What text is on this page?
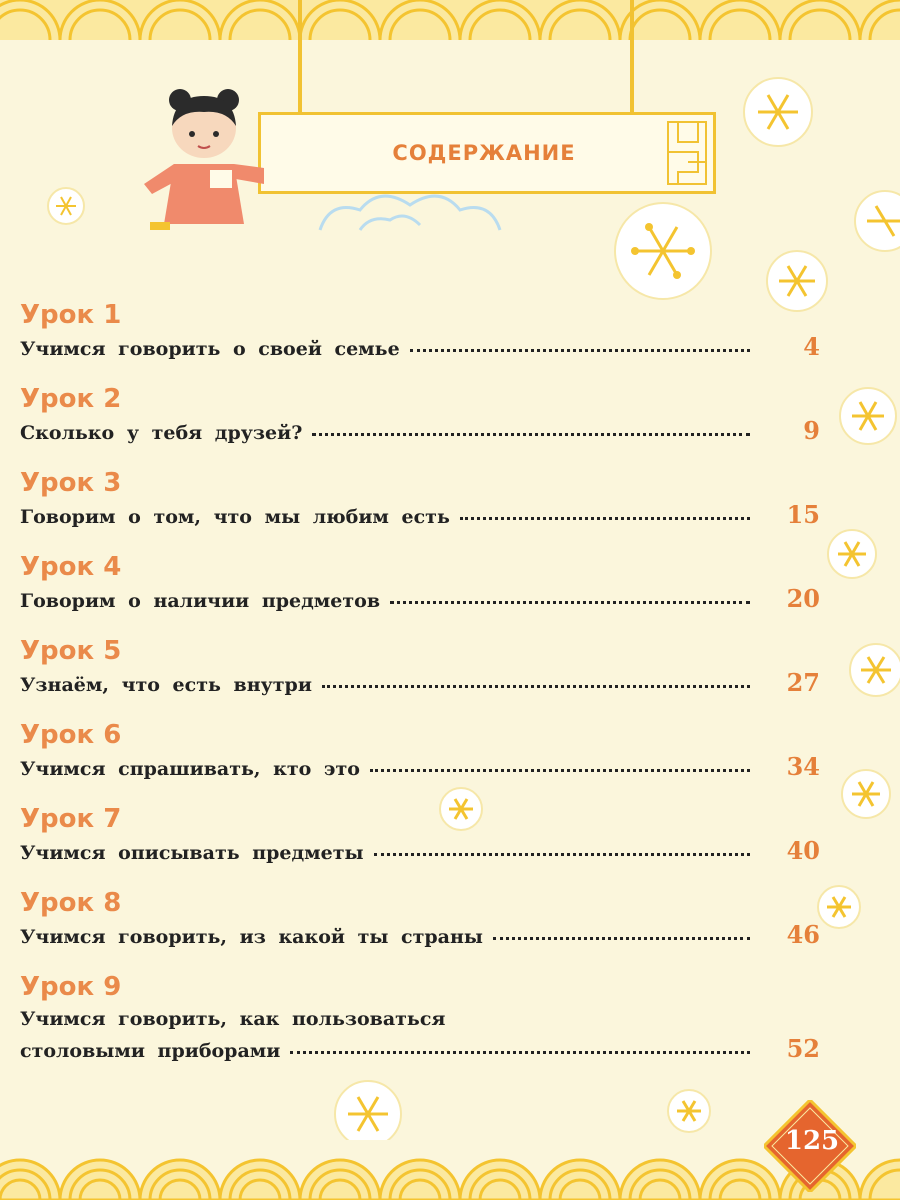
СОДЕРЖАНИЕ
Урок 1
Учимся говорить о своей семье	4
Урок 2
Сколько у тебя друзей?	9
Урок 3
Говорим о том, что мы любим есть	15
Урок 4
Говорим о наличии предметов	20
Урок 5
Узнаём, что есть внутри	27
Урок 6
Учимся спрашивать, кто это	34
Урок 7
Учимся описывать предметы	40
Урок 8
Учимся говорить, из какой ты страны	46
Урок 9
Учимся говорить, как пользоваться
столовыми приборами	52
125
